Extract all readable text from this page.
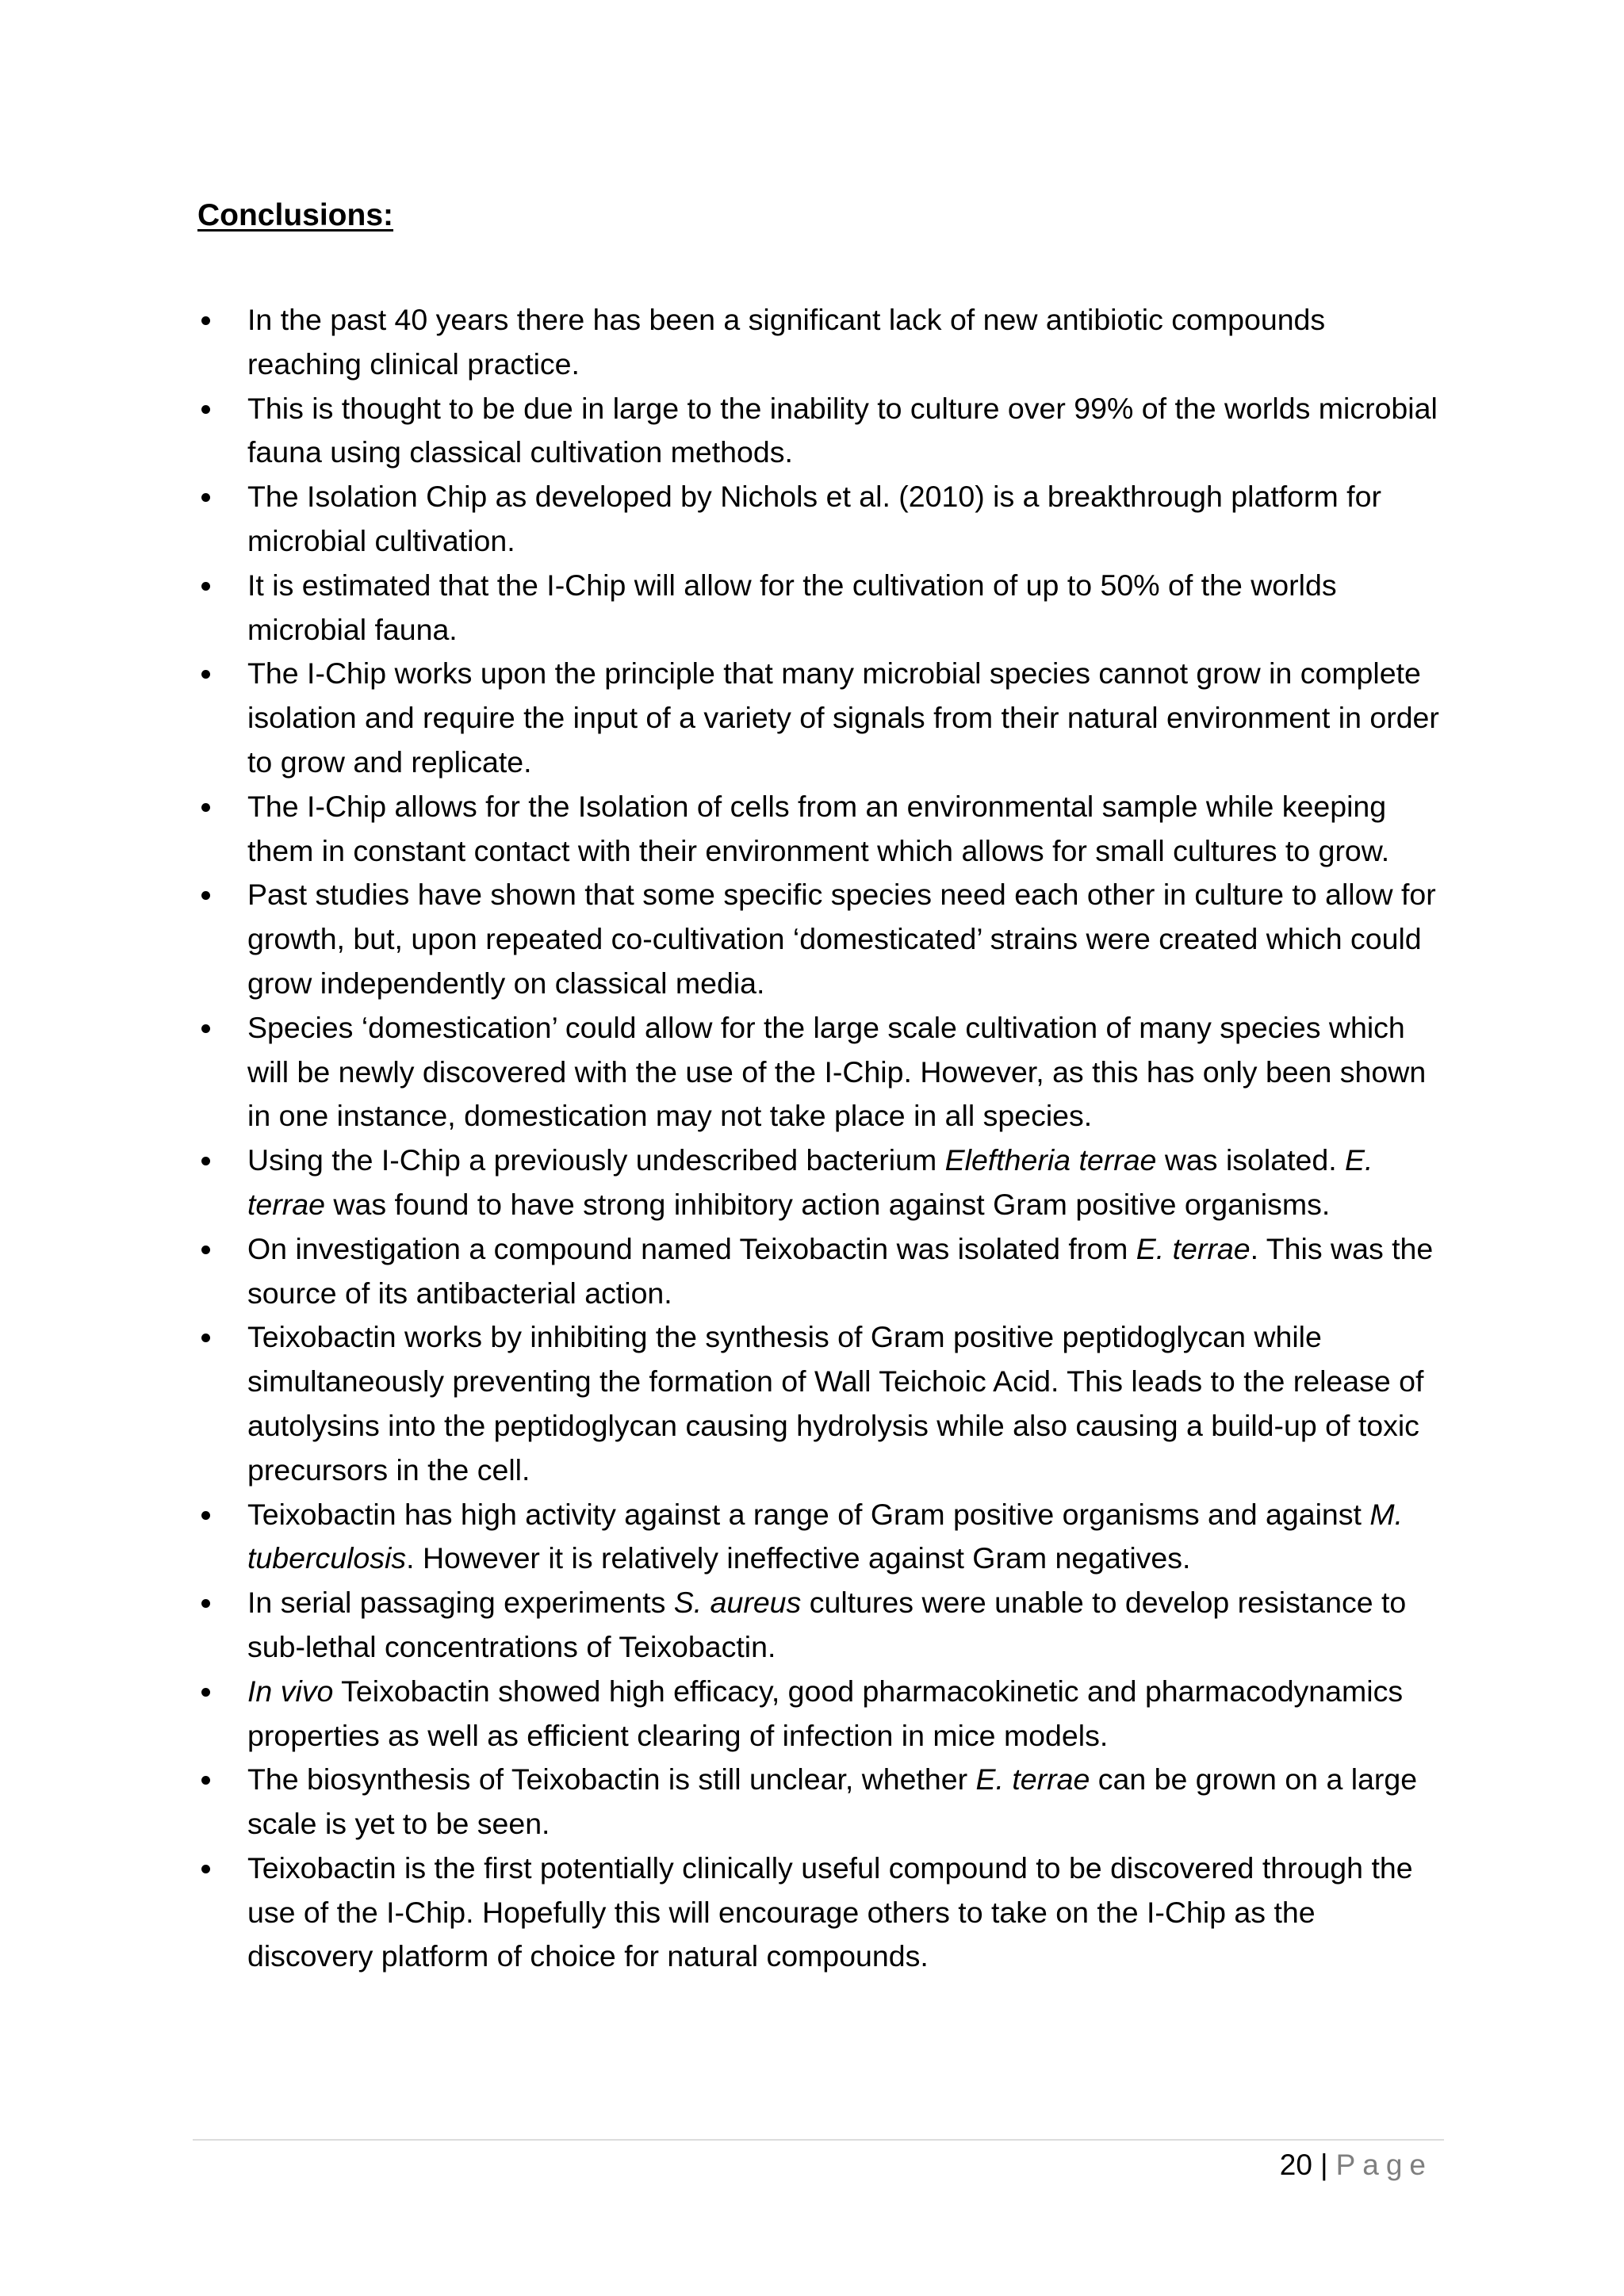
Conclusions:
In the past 40 years there has been a significant lack of new antibiotic compounds reaching clinical practice.
This is thought to be due in large to the inability to culture over 99% of the worlds microbial fauna using classical cultivation methods.
The Isolation Chip as developed by Nichols et al. (2010) is a breakthrough platform for microbial cultivation.
It is estimated that the I-Chip will allow for the cultivation of up to 50% of the worlds microbial fauna.
The I-Chip works upon the principle that many microbial species cannot grow in complete isolation and require the input of a variety of signals from their natural environment in order to grow and replicate.
The I-Chip allows for the Isolation of cells from an environmental sample while keeping them in constant contact with their environment which allows for small cultures to grow.
Past studies have shown that some specific species need each other in culture to allow for growth, but, upon repeated co-cultivation ‘domesticated’ strains were created which could grow independently on classical media.
Species ‘domestication’ could allow for the large scale cultivation of many species which will be newly discovered with the use of the I-Chip. However, as this has only been shown in one instance, domestication may not take place in all species.
Using the I-Chip a previously undescribed bacterium Eleftheria terrae was isolated. E. terrae was found to have strong inhibitory action against Gram positive organisms.
On investigation a compound named Teixobactin was isolated from E. terrae. This was the source of its antibacterial action.
Teixobactin works by inhibiting the synthesis of Gram positive peptidoglycan while simultaneously preventing the formation of Wall Teichoic Acid. This leads to the release of autolysins into the peptidoglycan causing hydrolysis while also causing a build-up of toxic precursors in the cell.
Teixobactin has high activity against a range of Gram positive organisms and against M. tuberculosis. However it is relatively ineffective against Gram negatives.
In serial passaging experiments S. aureus cultures were unable to develop resistance to sub-lethal concentrations of Teixobactin.
In vivo Teixobactin showed high efficacy, good pharmacokinetic and pharmacodynamics properties as well as efficient clearing of infection in mice models.
The biosynthesis of Teixobactin is still unclear, whether E. terrae can be grown on a large scale is yet to be seen.
Teixobactin is the first potentially clinically useful compound to be discovered through the use of the I-Chip. Hopefully this will encourage others to take on the I-Chip as the discovery platform of choice for natural compounds.
20 | Page
